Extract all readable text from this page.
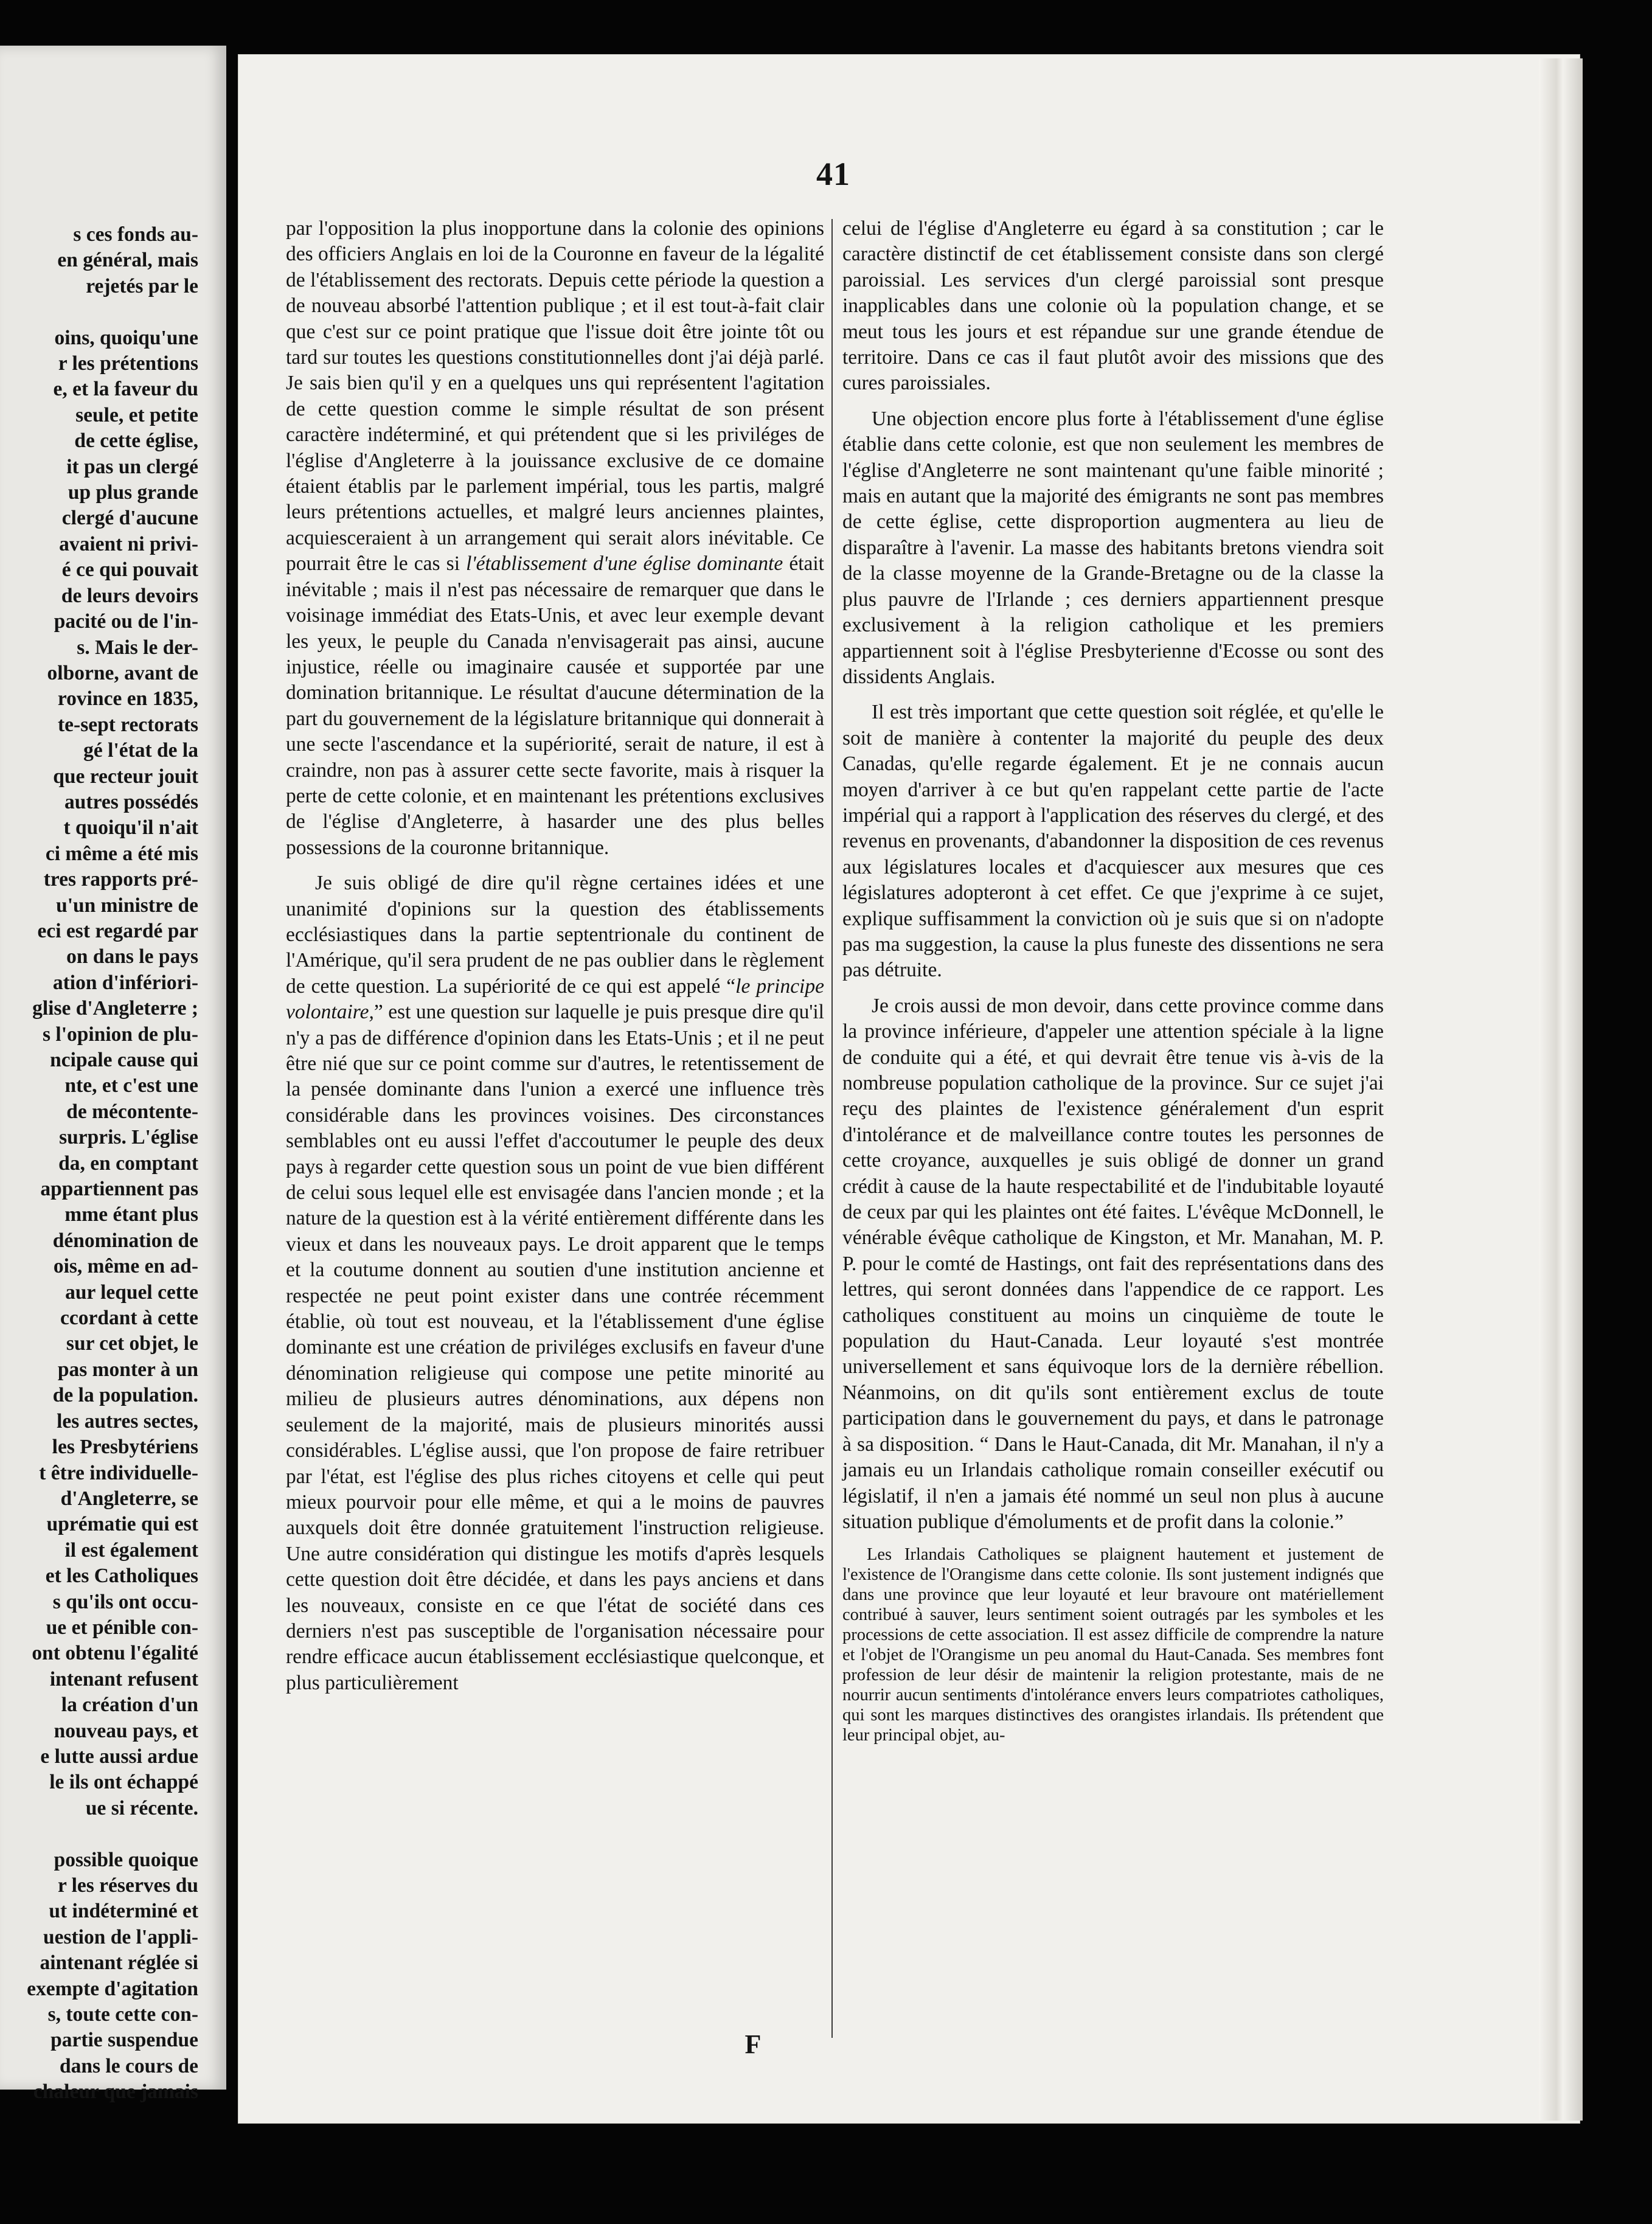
s ces fonds au-
en général, mais
rejetés par le

oins, quoiqu'une
r les prétentions
e, et la faveur du
seule, et petite
de cette église,
it pas un clergé
up plus grande
clergé d'aucune
avaient ni privi-
é ce qui pouvait
de leurs devoirs
pacité ou de l'in-
s. Mais le der-
olborne, avant de
rovince en 1835,
te-sept rectorats
gé l'état de la
que recteur jouit
autres possédés
t quoiqu'il n'ait
ci même a été mis
tres rapports pré-
u'un ministre de
eci est regardé par
on dans le pays
ation d'infériori-
glise d'Angleterre ;
s l'opinion de plu-
ncipale cause qui
nte, et c'est une
de mécontente-
surpris. L'église
da, en comptant
appartiennent pas
mme étant plus
dénomination de
ois, même en ad-
aur lequel cette
ccordant à cette
sur cet objet, le
pas monter à un
de la population.
les autres sectes,
les Presbytériens
t être individuelle-
d'Angleterre, se
uprématie qui est
il est également
et les Catholiques
s qu'ils ont occu-
ue et pénible con-
ont obtenu l'égalité
intenant refusent
la création d'un
nouveau pays, et
e lutte aussi ardue
le ils ont échappé
ue si récente.

possible quoique
r les réserves du
ut indéterminé et
uestion de l'appli-
aintenant réglée si
exempte d'agitation
s, toute cette con-
partie suspendue
dans le cours de
chaleur que jamais
41

par l'opposition la plus inopportune dans la colonie des opinions des officiers Anglais en loi de la Couronne en faveur de la légalité de l'établissement des rectorats. Depuis cette période la question a de nouveau absorbé l'attention publique ; et il est tout-à-fait clair que c'est sur ce point pratique que l'issue doit être jointe tôt ou tard sur toutes les questions constitutionnelles dont j'ai déjà parlé. Je sais bien qu'il y en a quelques uns qui représentent l'agitation de cette question comme le simple résultat de son présent caractère indéterminé, et qui prétendent que si les priviléges de l'église d'Angleterre à la jouissance exclusive de ce domaine étaient établis par le parlement impérial, tous les partis, malgré leurs prétentions actuelles, et malgré leurs anciennes plaintes, acquiesceraient à un arrangement qui serait alors inévitable. Ce pourrait être le cas si l'établissement d'une église dominante était inévitable ; mais il n'est pas nécessaire de remarquer que dans le voisinage immédiat des Etats-Unis, et avec leur exemple devant les yeux, le peuple du Canada n'envisagerait pas ainsi, aucune injustice, réelle ou imaginaire causée et supportée par une domination britannique. Le résultat d'aucune détermination de la part du gouvernement de la législature britannique qui donnerait à une secte l'ascendance et la supériorité, serait de nature, il est à craindre, non pas à assurer cette secte favorite, mais à risquer la perte de cette colonie, et en maintenant les prétentions exclusives de l'église d'Angleterre, à hasarder une des plus belles possessions de la couronne britannique.

Je suis obligé de dire qu'il règne certaines idées et une unanimité d'opinions sur la question des établissements ecclésiastiques dans la partie septentrionale du continent de l'Amérique, qu'il sera prudent de ne pas oublier dans le règlement de cette question. La supériorité de ce qui est appelé “le principe volontaire,” est une question sur laquelle je puis presque dire qu'il n'y a pas de différence d'opinion dans les Etats-Unis ; et il ne peut être nié que sur ce point comme sur d'autres, le retentissement de la pensée dominante dans l'union a exercé une influence très considérable dans les provinces voisines. Des circonstances semblables ont eu aussi l'effet d'accoutumer le peuple des deux pays à regarder cette question sous un point de vue bien différent de celui sous lequel elle est envisagée dans l'ancien monde ; et la nature de la question est à la vérité entièrement différente dans les vieux et dans les nouveaux pays. Le droit apparent que le temps et la coutume donnent au soutien d'une institution ancienne et respectée ne peut point exister dans une contrée récemment établie, où tout est nouveau, et la l'établissement d'une église dominante est une création de priviléges exclusifs en faveur d'une dénomination religieuse qui compose une petite minorité au milieu de plusieurs autres dénominations, aux dépens non seulement de la majorité, mais de plusieurs minorités aussi considérables. L'église aussi, que l'on propose de faire retribuer par l'état, est l'église des plus riches citoyens et celle qui peut mieux pourvoir pour elle même, et qui a le moins de pauvres auxquels doit être donnée gratuitement l'instruction religieuse. Une autre considération qui distingue les motifs d'après lesquels cette question doit être décidée, et dans les pays anciens et dans les nouveaux, consiste en ce que l'état de société dans ces derniers n'est pas susceptible de l'organisation nécessaire pour rendre efficace aucun établissement ecclésiastique quelconque, et plus particulièrement

celui de l'église d'Angleterre eu égard à sa constitution ; car le caractère distinctif de cet établissement consiste dans son clergé paroissial. Les services d'un clergé paroissial sont presque inapplicables dans une colonie où la population change, et se meut tous les jours et est répandue sur une grande étendue de territoire. Dans ce cas il faut plutôt avoir des missions que des cures paroissiales.

Une objection encore plus forte à l'établissement d'une église établie dans cette colonie, est que non seulement les membres de l'église d'Angleterre ne sont maintenant qu'une faible minorité ; mais en autant que la majorité des émigrants ne sont pas membres de cette église, cette disproportion augmentera au lieu de disparaître à l'avenir. La masse des habitants bretons viendra soit de la classe moyenne de la Grande-Bretagne ou de la classe la plus pauvre de l'Irlande ; ces derniers appartiennent presque exclusivement à la religion catholique et les premiers appartiennent soit à l'église Presbyterienne d'Ecosse ou sont des dissidents Anglais.

Il est très important que cette question soit réglée, et qu'elle le soit de manière à contenter la majorité du peuple des deux Canadas, qu'elle regarde également. Et je ne connais aucun moyen d'arriver à ce but qu'en rappelant cette partie de l'acte impérial qui a rapport à l'application des réserves du clergé, et des revenus en provenants, d'abandonner la disposition de ces revenus aux législatures locales et d'acquiescer aux mesures que ces législatures adopteront à cet effet. Ce que j'exprime à ce sujet, explique suffisamment la conviction où je suis que si on n'adopte pas ma suggestion, la cause la plus funeste des dissentions ne sera pas détruite.

Je crois aussi de mon devoir, dans cette province comme dans la province inférieure, d'appeler une attention spéciale à la ligne de conduite qui a été, et qui devrait être tenue vis à-vis de la nombreuse population catholique de la province. Sur ce sujet j'ai reçu des plaintes de l'existence généralement d'un esprit d'intolérance et de malveillance contre toutes les personnes de cette croyance, auxquelles je suis obligé de donner un grand crédit à cause de la haute respectabilité et de l'indubitable loyauté de ceux par qui les plaintes ont été faites. L'évêque McDonnell, le vénérable évêque catholique de Kingston, et Mr. Manahan, M. P. P. pour le comté de Hastings, ont fait des représentations dans des lettres, qui seront données dans l'appendice de ce rapport. Les catholiques constituent au moins un cinquième de toute le population du Haut-Canada. Leur loyauté s'est montrée universellement et sans équivoque lors de la dernière rébellion. Néanmoins, on dit qu'ils sont entièrement exclus de toute participation dans le gouvernement du pays, et dans le patronage à sa disposition. “ Dans le Haut-Canada, dit Mr. Manahan, il n'y a jamais eu un Irlandais catholique romain conseiller exécutif ou législatif, il n'en a jamais été nommé un seul non plus à aucune situation publique d'émoluments et de profit dans la colonie.”

Les Irlandais Catholiques se plaignent hautement et justement de l'existence de l'Orangisme dans cette colonie. Ils sont justement indignés que dans une province que leur loyauté et leur bravoure ont matériellement contribué à sauver, leurs sentiment soient outragés par les symboles et les processions de cette association. Il est assez difficile de comprendre la nature et l'objet de l'Orangisme un peu anomal du Haut-Canada. Ses membres font profession de leur désir de maintenir la religion protestante, mais de ne nourrir aucun sentiments d'intolérance envers leurs compatriotes catholiques, qui sont les marques distinctives des orangistes irlandais. Ils prétendent que leur principal objet, au-

F
